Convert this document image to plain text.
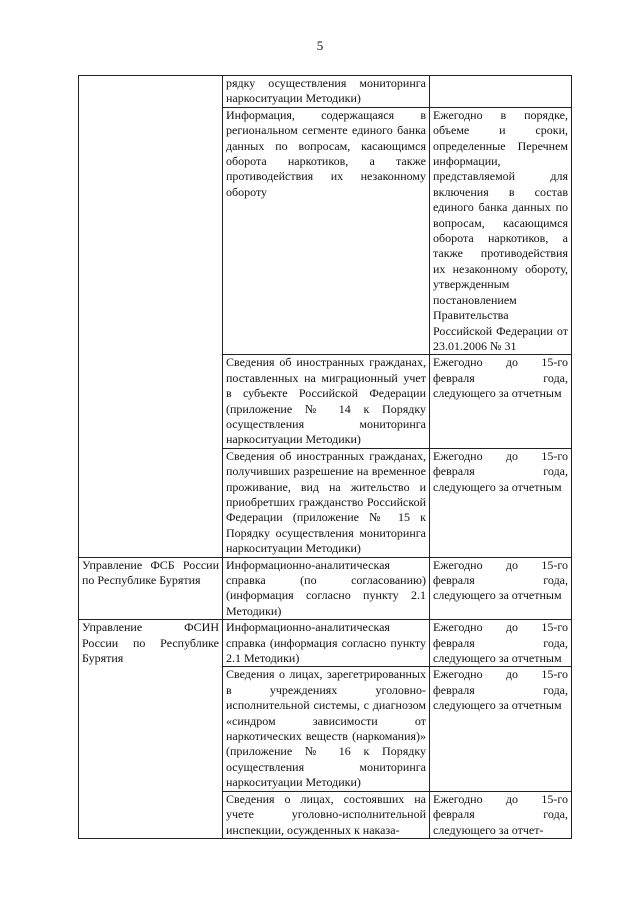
5
	рядку осуществления мониторинга наркоситуации Методики)	
	Информация, содержащаяся в региональном сегменте единого банка данных по вопросам, касающимся оборота наркотиков, а также противодействия их незаконному обороту	Ежегодно в порядке, объеме и сроки, определенные Перечнем информации, представляемой для включения в состав единого банка данных по вопросам, касающимся оборота наркотиков, а также противодействия их незаконному обороту, утвержденным постановлением Правительства Российской Федерации от 23.01.2006 № 31
	Сведения об иностранных гражданах, поставленных на миграционный учет в субъекте Российской Федерации (приложение № 14 к Порядку осуществления мониторинга наркоситуации Методики)	Ежегодно до 15-го февраля года, следующего за отчетным
	Сведения об иностранных гражданах, получивших разрешение на временное проживание, вид на жительство и приобретших гражданство Российской Федерации (приложение № 15 к Порядку осуществления мониторинга наркоситуации Методики)	Ежегодно до 15-го февраля года, следующего за отчетным
Управление ФСБ России по Республике Бурятия	Информационно-аналитическая справка (по согласованию) (информация согласно пункту 2.1 Методики)	Ежегодно до 15-го февраля года, следующего за отчетным
Управление ФСИН России по Республике Бурятия	Информационно-аналитическая справка (информация согласно пункту 2.1 Методики)	Ежегодно до 15-го февраля года, следующего за отчетным
	Сведения о лицах, зарегетрированных в учреждениях уголовно-исполнительной системы, с диагнозом «синдром зависимости от наркотических веществ (наркомания)» (приложение № 16 к Порядку осуществления мониторинга наркоситуации Методики)	Ежегодно до 15-го февраля года, следующего за отчетным
	Сведения о лицах, состоявших на учете уголовно-исполнительной инспекции, осужденных к наказа-	Ежегодно до 15-го февраля года, следующего за отчет-
